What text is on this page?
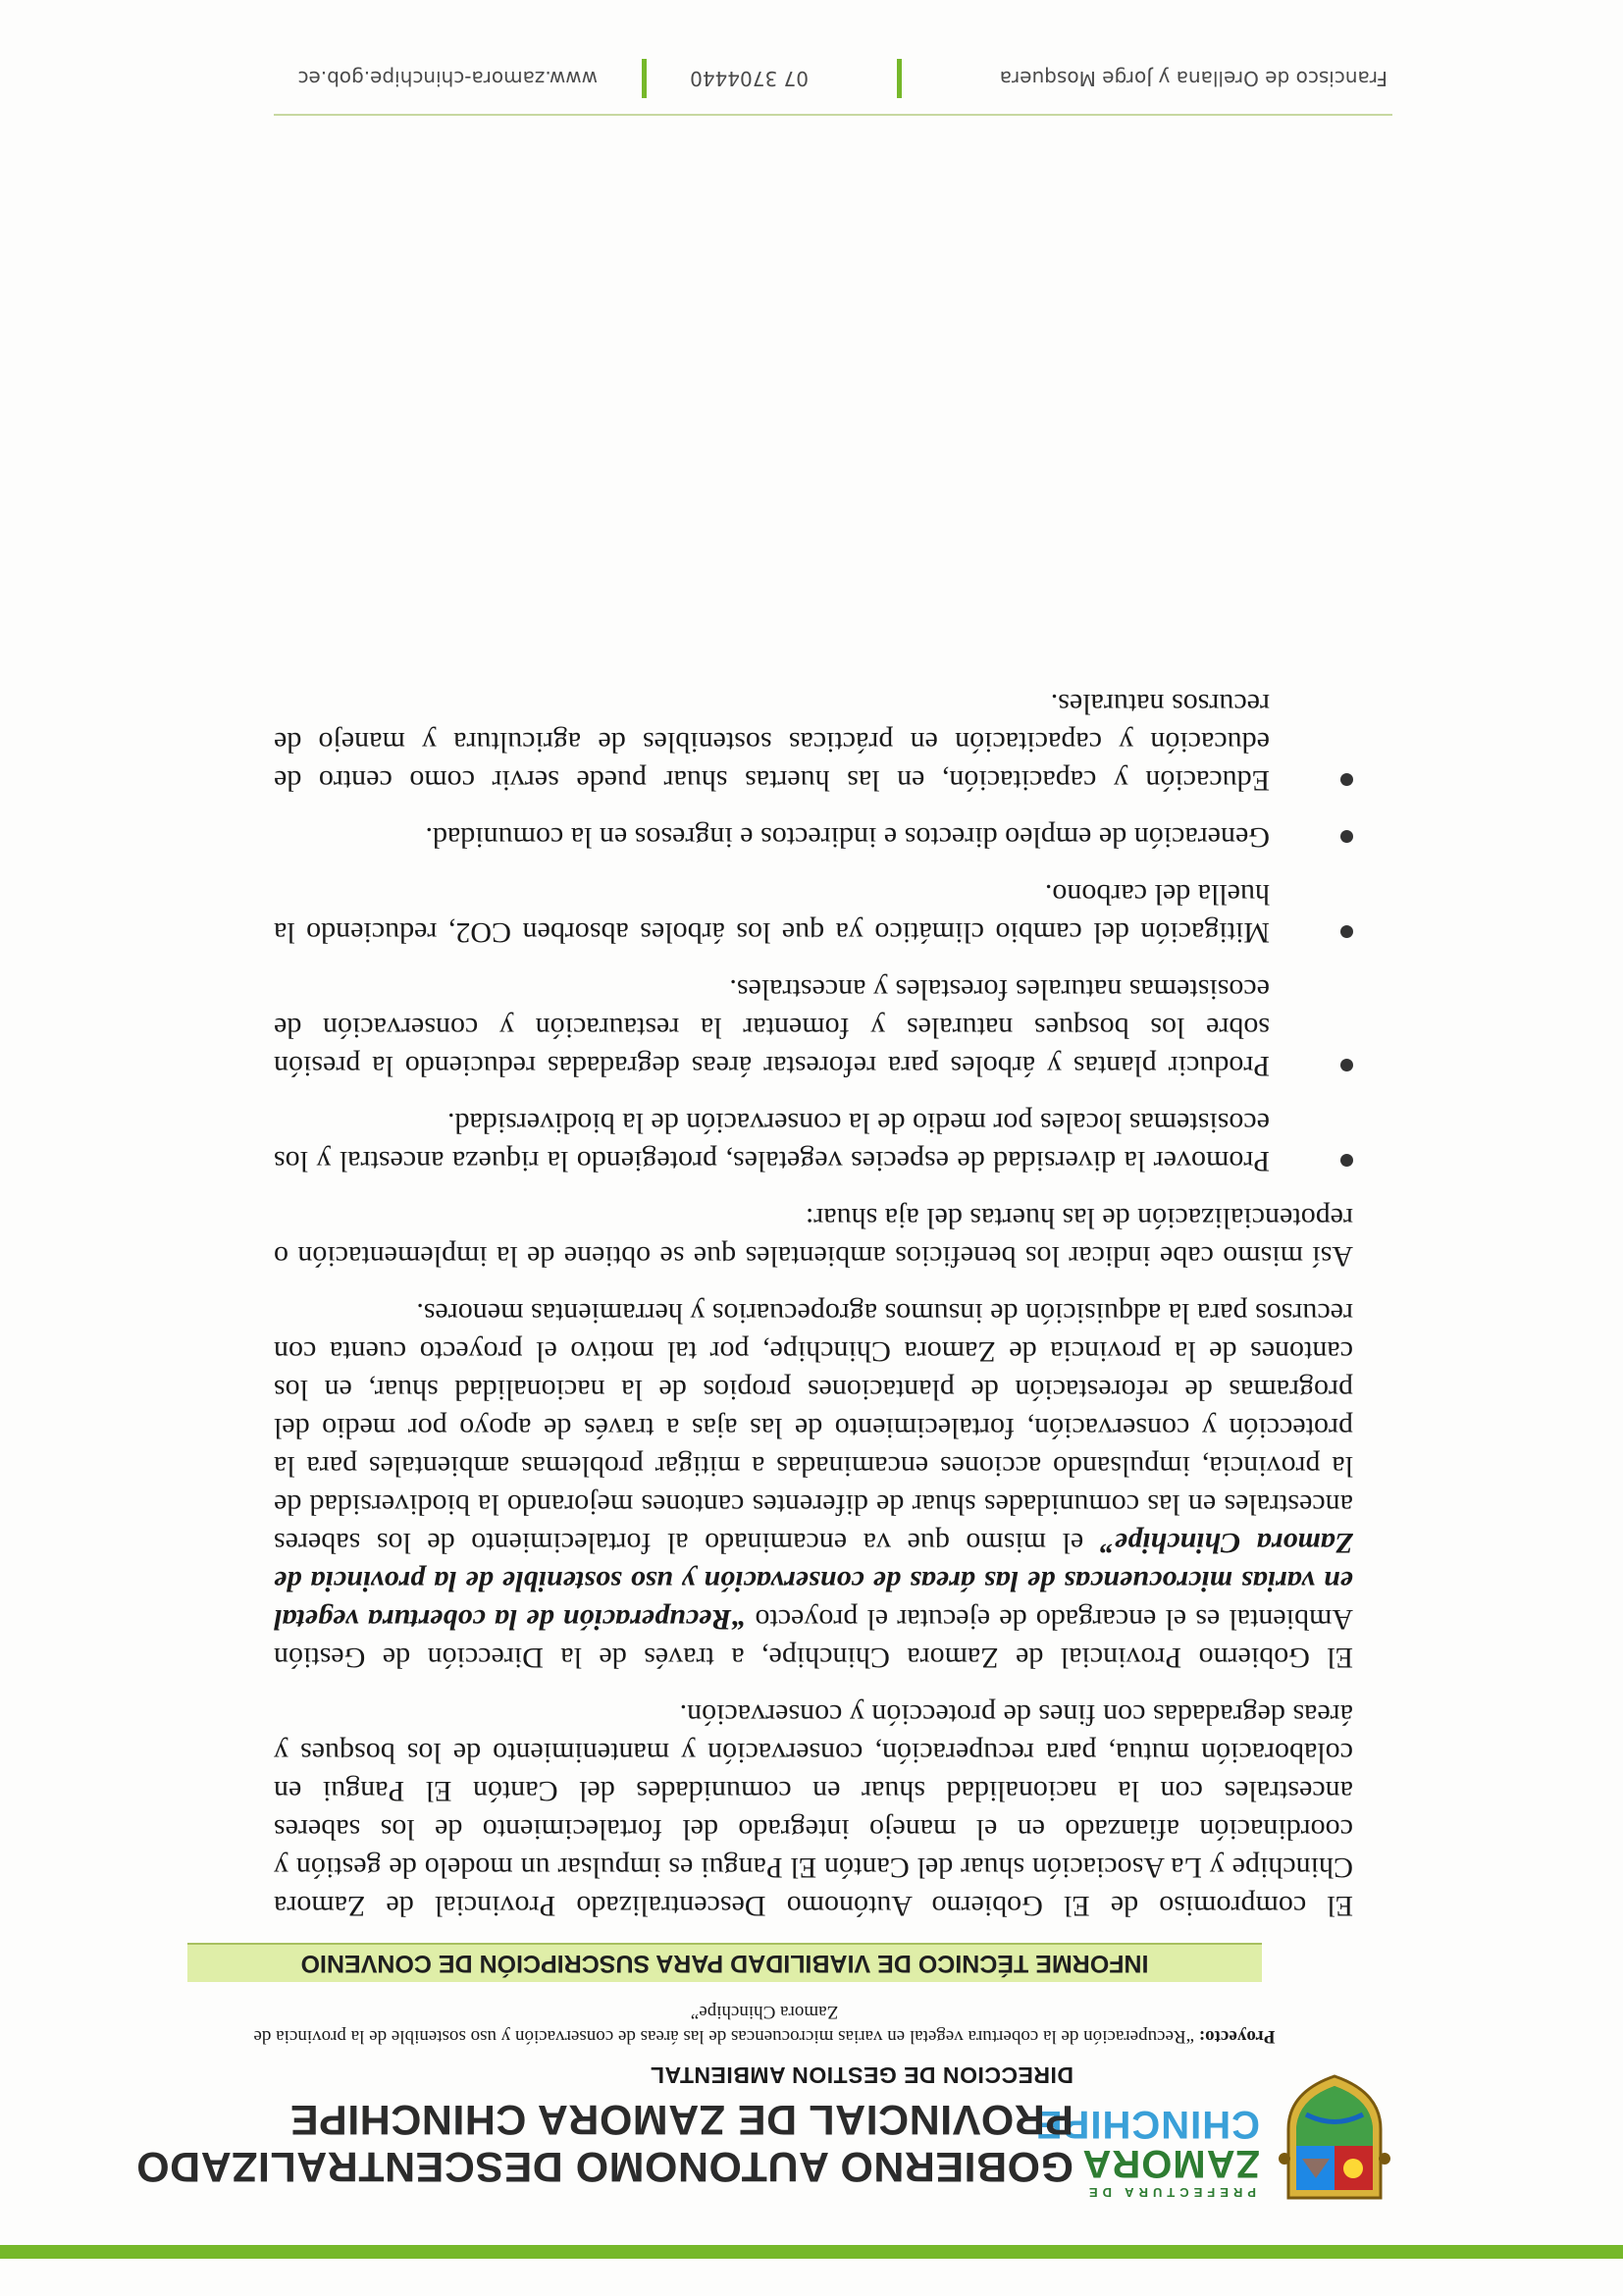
PREFECTURA DE
ZAMORA
CHINCHIPE
GOBIERNO AUTONOMO DESCENTRALIZADO
PROVINCIAL DE ZAMORA CHINCHIPE
DIRECCION DE GESTION AMBIENTAL
Proyecto: “Recuperación de la cobertura vegetal en varias microcuencas de las áreas de conservación y uso sostenible de la provincia de Zamora Chinchipe”
INFORME TÉCNICO DE VIABILIDAD PARA SUSCRIPCIÓN DE CONVENIO

El compromiso de El Gobierno Autónomo Descentralizado Provincial de Zamora Chinchipe y La Asociación shuar del Cantón El Pangui es impulsar un modelo de gestión y coordinación afianzado en el manejo integrado del fortalecimiento de los saberes ancestrales con la nacionalidad shuar en comunidades del Cantón El Pangui en colaboración mutua, para recuperación, conservación y mantenimiento de los bosques y áreas degradadas con fines de protección y conservación.

El Gobierno Provincial de Zamora Chinchipe, a través de la Dirección de Gestión Ambiental es el encargado de ejecutar el proyecto “Recuperación de la cobertura vegetal en varias microcuencas de las áreas de conservación y uso sostenible de la provincia de Zamora Chinchipe” el mismo que va encaminado al fortalecimiento de los saberes ancestrales en las comunidades shuar de diferentes cantones mejorando la biodiversidad de la provincia, impulsando acciones encaminadas a mitigar problemas ambientales para la protección y conservación, fortalecimiento de las ajas a través de apoyo por medio del programas de reforestación de plantaciones propios de la nacionalidad shuar, en los cantones de la provincia de Zamora Chinchipe, por tal motivo el proyecto cuenta con recursos para la adquisición de insumos agropecuarios y herramientas menores.

Así mismo cabe indicar los beneficios ambientales que se obtiene de la implementación o repotencialización de las huertas del aja shuar:

Promover la diversidad de especies vegetales, protegiendo la riqueza ancestral y los ecosistemas locales por medio de la conservación de la biodiversidad.
Producir plantas y árboles para reforestar áreas degradadas reduciendo la presión sobre los bosques naturales y fomentar la restauración y conservación de ecosistemas naturales forestales y ancestrales.
Mitigación del cambio climático ya que los árboles absorben CO2, reduciendo la huella del carbono.
Generación de empleo directos e indirectos e ingresos en la comunidad.
Educación y capacitación, en las huertas shuar puede servir como centro de educación y capacitación en prácticas sostenibles de agricultura y manejo de recursos naturales.
Francisco de Orellana y Jorge Mosquera
07 3704440
www.zamora-chinchipe.gob.ec
